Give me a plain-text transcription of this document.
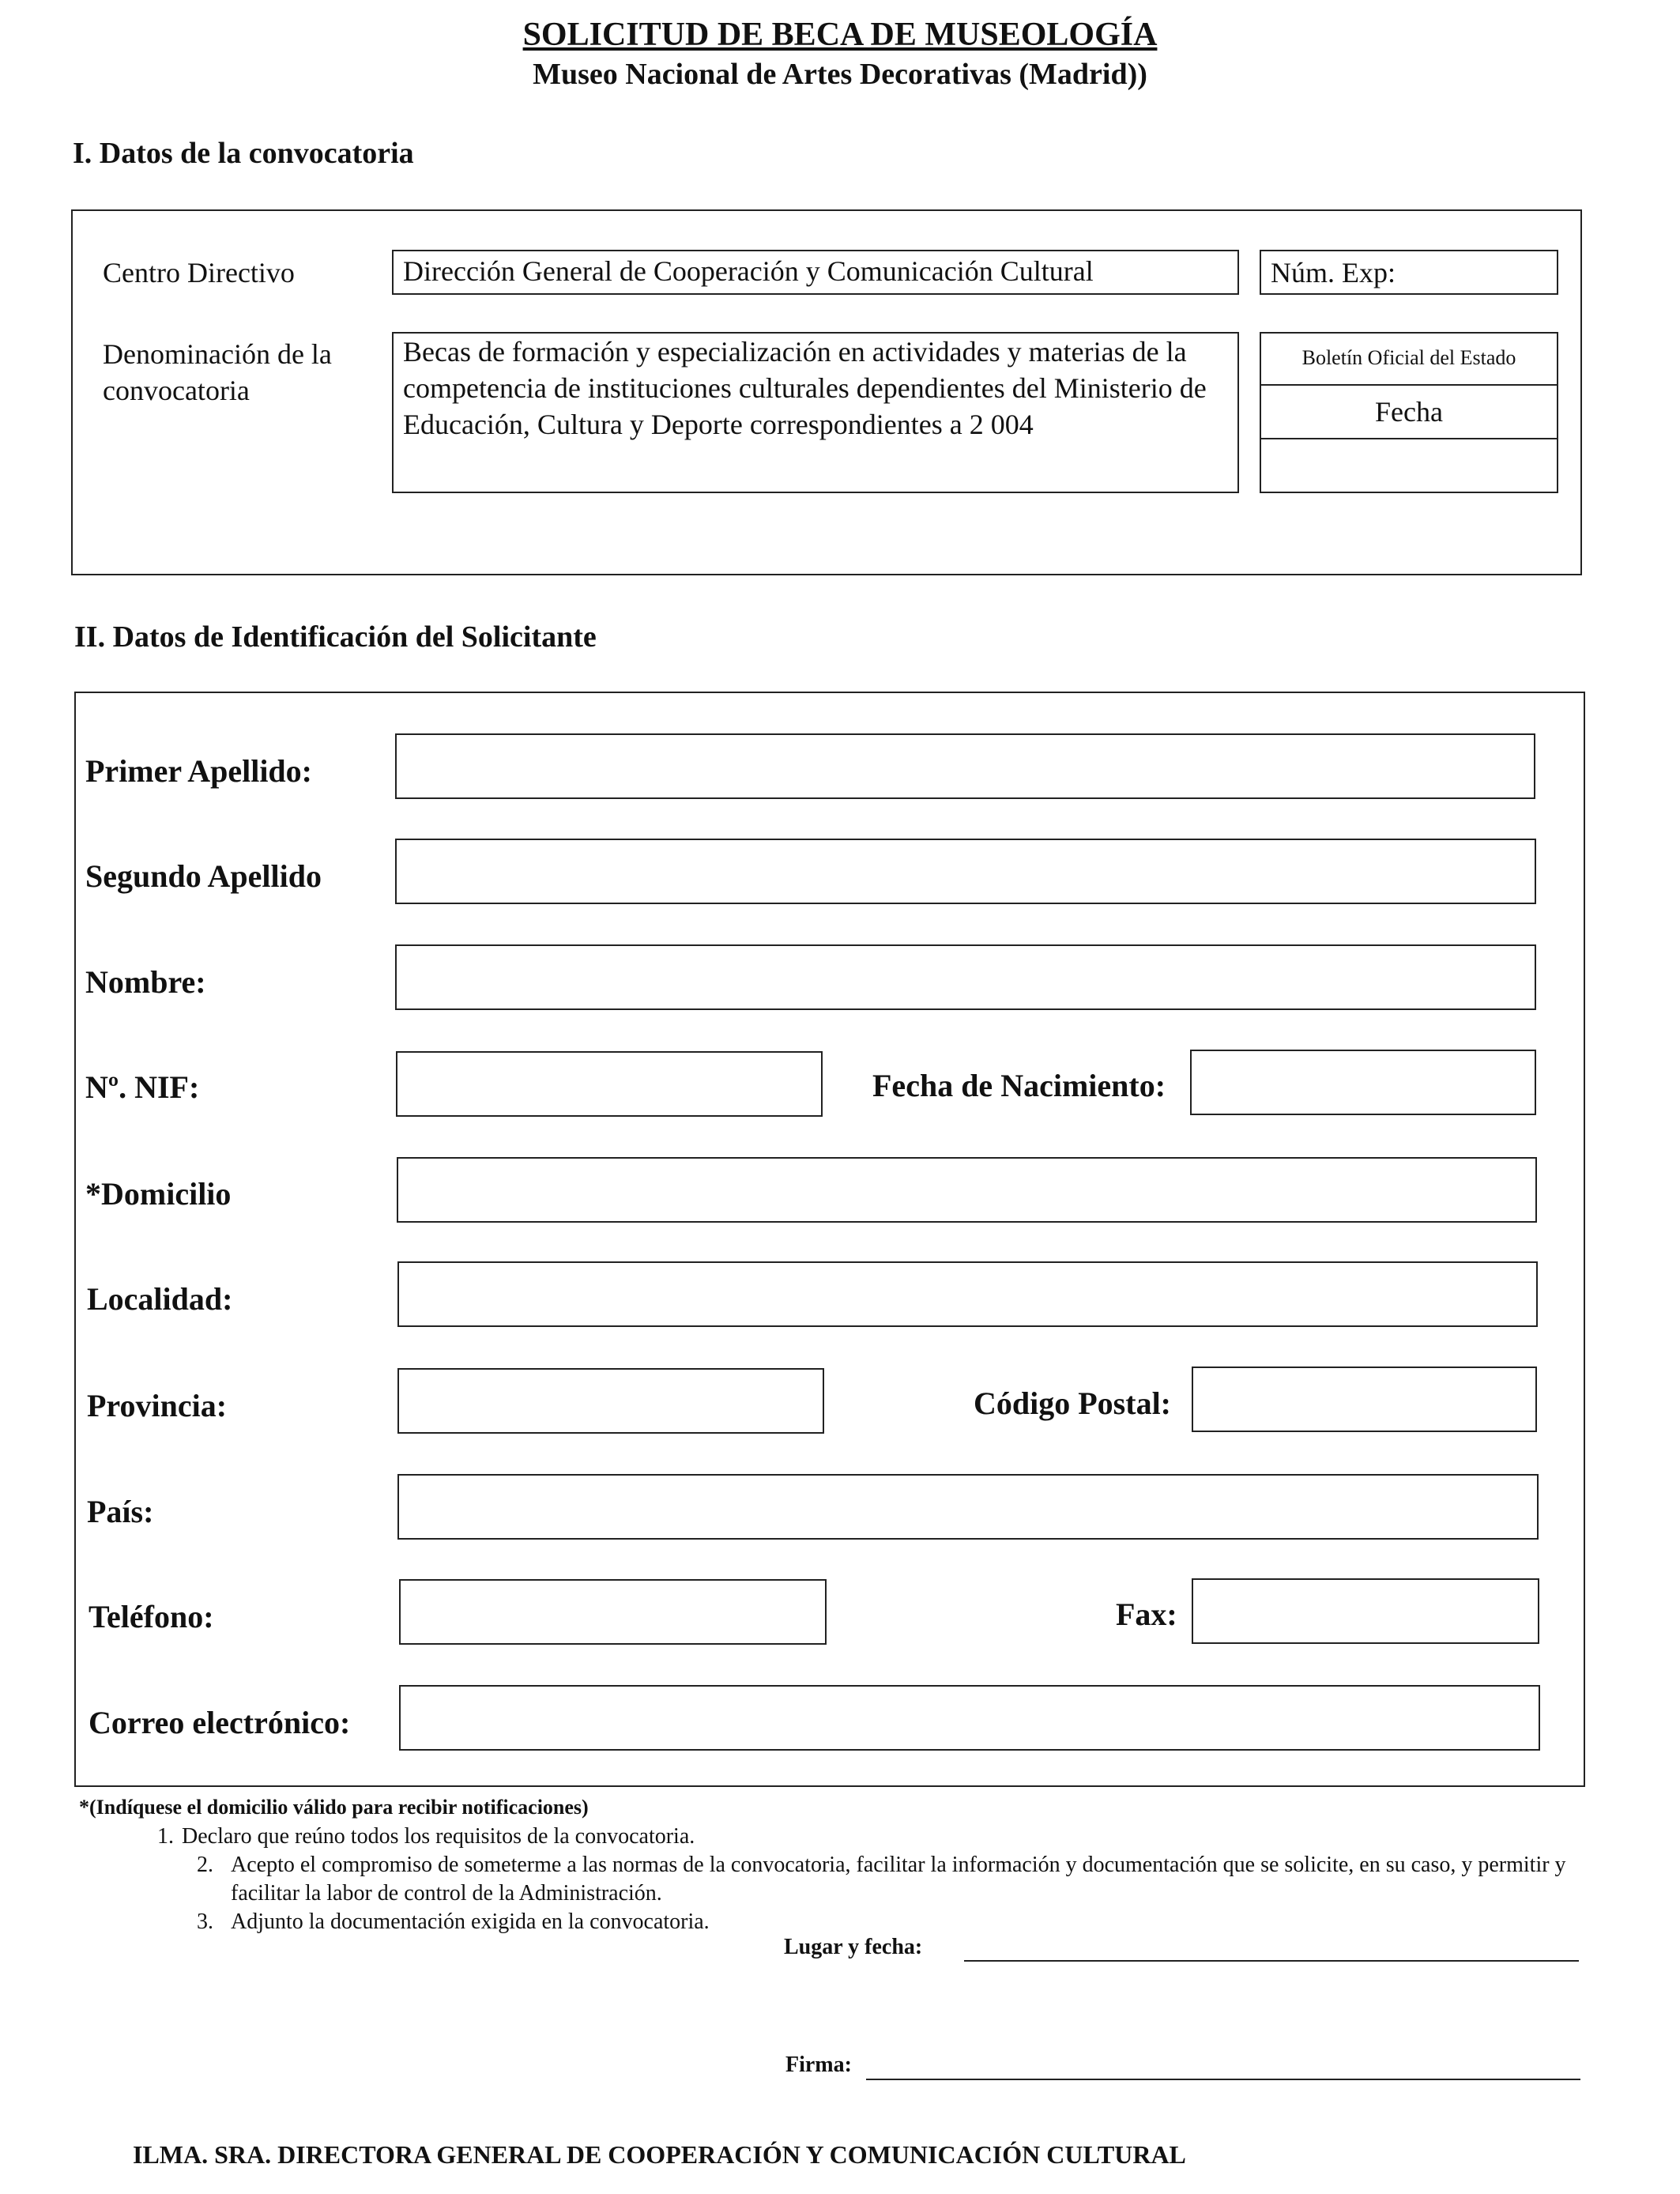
SOLICITUD DE BECA DE MUSEOLOGÍA
Museo Nacional de Artes Decorativas (Madrid))
I. Datos de la convocatoria
Centro Directivo	Dirección General de Cooperación y Comunicación Cultural	Núm. Exp:
Denominación de la convocatoria
Becas de formación y especialización en actividades y materias de la competencia de instituciones culturales dependientes del Ministerio de Educación, Cultura y Deporte correspondientes a 2 004
Boletín Oficial del Estado
Fecha
II. Datos de Identificación del Solicitante
Primer Apellido:
Segundo Apellido
Nombre:
Nº. NIF:	Fecha de Nacimiento:
*Domicilio
Localidad:
Provincia:	Código Postal:
País:
Teléfono:	Fax:
Correo electrónico:
*(Indíquese el domicilio válido para recibir notificaciones)
1. Declaro que reúno todos los requisitos de la convocatoria.
2. Acepto el compromiso de someterme a las normas de la convocatoria, facilitar la información y documentación que se solicite, en su caso, y permitir y facilitar la labor de control de la Administración.
3. Adjunto la documentación exigida en la convocatoria.
Lugar y fecha:
Firma:
ILMA. SRA. DIRECTORA GENERAL DE COOPERACIÓN Y COMUNICACIÓN CULTURAL
